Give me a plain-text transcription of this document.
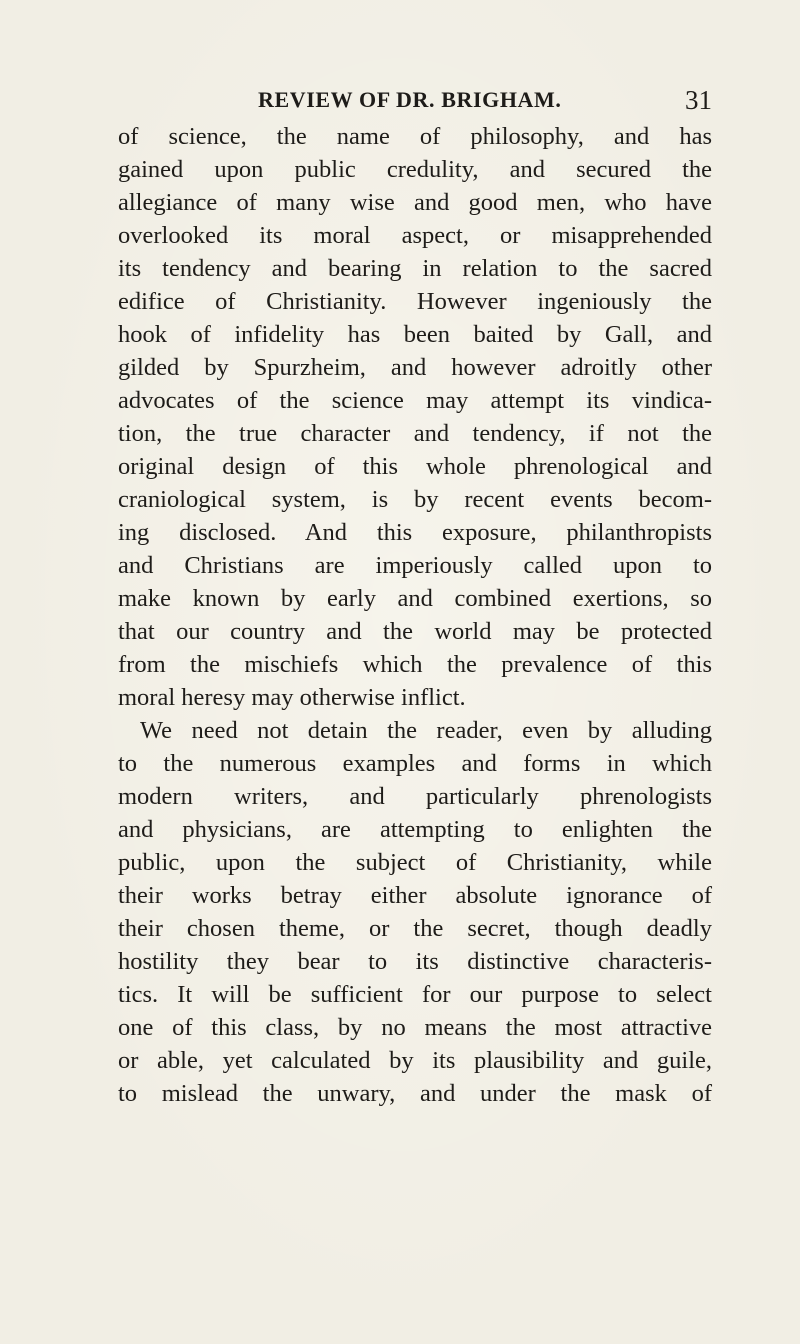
REVIEW OF DR. BRIGHAM.	31
of science, the name of philosophy, and has
gained upon public credulity, and secured the
allegiance of many wise and good men, who have
overlooked its moral aspect, or misapprehended
its tendency and bearing in relation to the sacred
edifice of Christianity. However ingeniously the
hook of infidelity has been baited by Gall, and
gilded by Spurzheim, and however adroitly other
advocates of the science may attempt its vindica-
tion, the true character and tendency, if not the
original design of this whole phrenological and
craniological system, is by recent events becom-
ing disclosed. And this exposure, philanthropists
and Christians are imperiously called upon to
make known by early and combined exertions, so
that our country and the world may be protected
from the mischiefs which the prevalence of this
moral heresy may otherwise inflict.
We need not detain the reader, even by alluding
to the numerous examples and forms in which
modern writers, and particularly phrenologists
and physicians, are attempting to enlighten the
public, upon the subject of Christianity, while
their works betray either absolute ignorance of
their chosen theme, or the secret, though deadly
hostility they bear to its distinctive characteris-
tics. It will be sufficient for our purpose to select
one of this class, by no means the most attractive
or able, yet calculated by its plausibility and guile,
to mislead the unwary, and under the mask of
